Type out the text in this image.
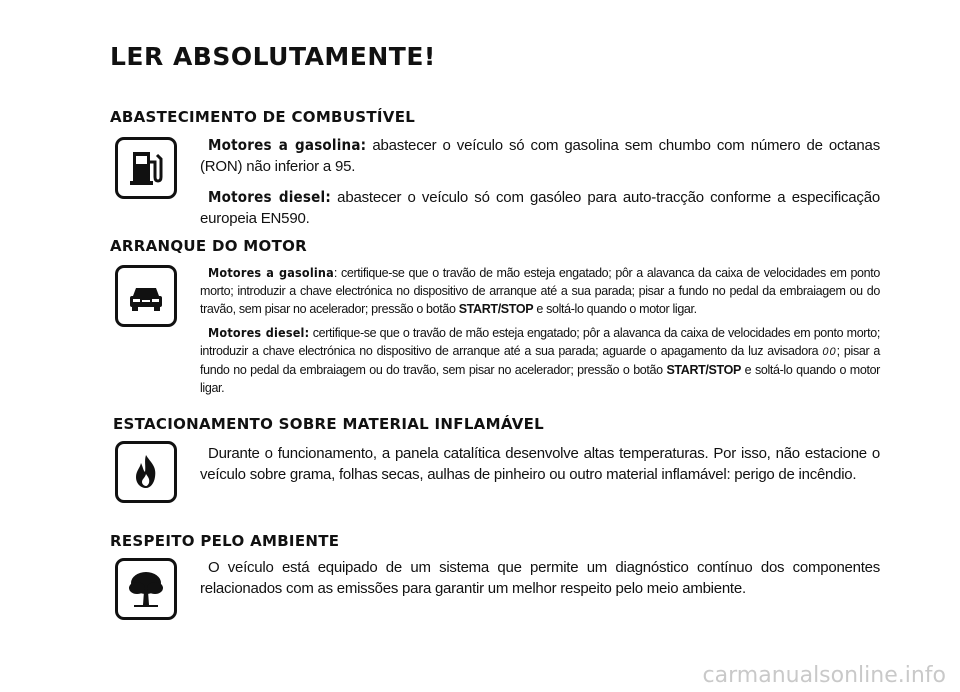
LER ABSOLUTAMENTE!
ABASTECIMENTO DE COMBUSTÍVEL

Motores a gasolina: abastecer o veículo só com gasolina sem chumbo com número de octanas (RON) não inferior a 95.

Motores diesel: abastecer o veículo só com gasóleo para auto-tracção conforme a especificação europeia EN590.

ARRANQUE DO MOTOR

Motores a gasolina: certifique-se que o travão de mão esteja engatado; pôr a alavanca da caixa de velocidades em ponto morto; introduzir a chave electrónica no dispositivo de arranque até a sua parada; pisar a fundo no pedal da embraiagem ou do travão, sem pisar no acelerador; pressão o botão START/STOP e soltá-lo quando o motor ligar.

Motores diesel: certifique-se que o travão de mão esteja engatado; pôr a alavanca da caixa de velocidades em ponto morto; introduzir a chave electrónica no dispositivo de arranque até a sua parada; aguarde o apagamento da luz avisadora 00; pisar a fundo no pedal da embraiagem ou do travão, sem pisar no acelerador; pressão o botão START/STOP e soltá-lo quando o motor ligar.

ESTACIONAMENTO SOBRE MATERIAL INFLAMÁVEL

Durante o funcionamento, a panela catalítica desenvolve altas temperaturas. Por isso, não estacione o veículo sobre grama, folhas secas, aulhas de pinheiro ou outro material inflamável: perigo de incêndio.

RESPEITO PELO AMBIENTE

O veículo está equipado de um sistema que permite um diagnóstico contínuo dos componentes relacionados com as emissões para garantir um melhor respeito pelo meio ambiente.

carmanualsonline.info
